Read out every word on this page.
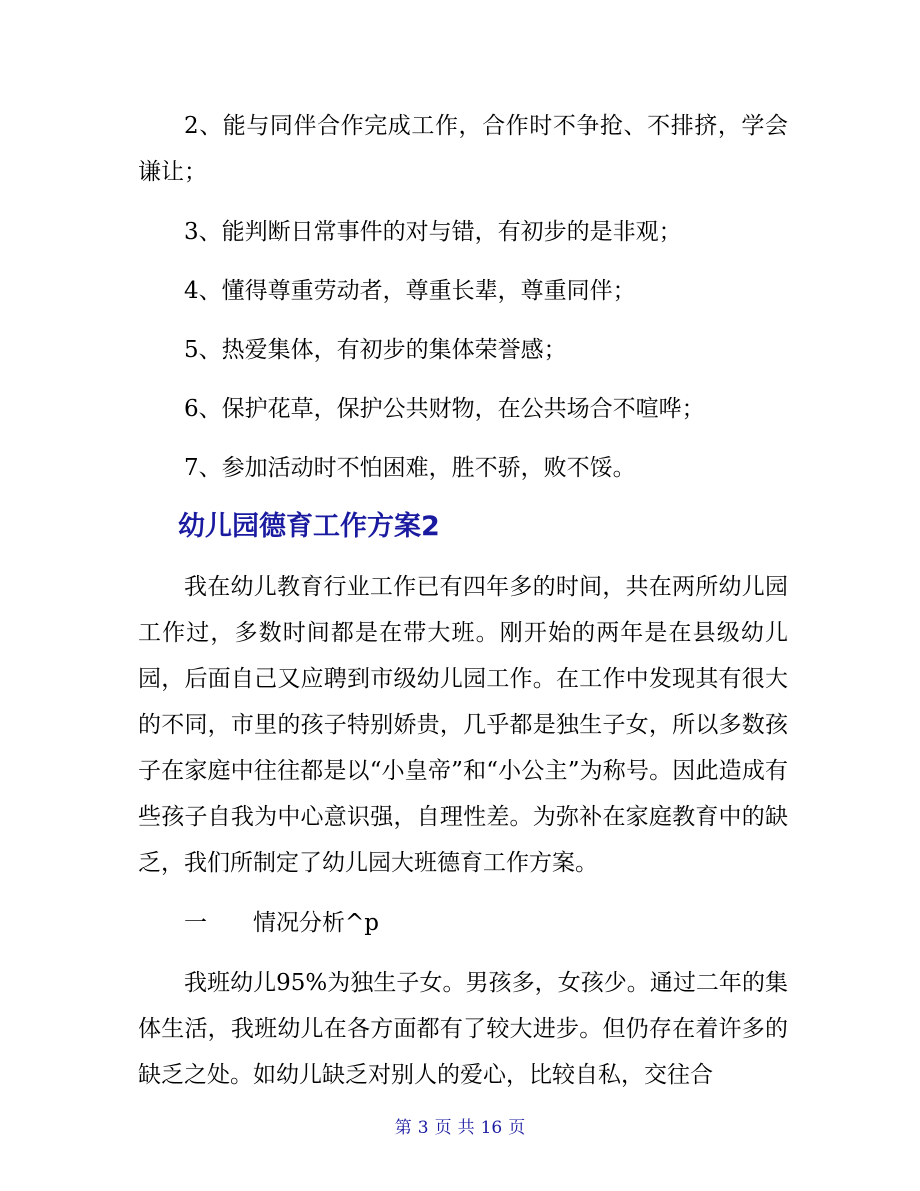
2、能与同伴合作完成工作，合作时不争抢、不排挤，学会谦让；

3、能判断日常事件的对与错，有初步的是非观；

4、懂得尊重劳动者，尊重长辈，尊重同伴；

5、热爱集体，有初步的集体荣誉感；

6、保护花草，保护公共财物，在公共场合不喧哗；

7、参加活动时不怕困难，胜不骄，败不馁。

幼儿园德育工作方案2

我在幼儿教育行业工作已有四年多的时间，共在两所幼儿园工作过，多数时间都是在带大班。刚开始的两年是在县级幼儿园，后面自己又应聘到市级幼儿园工作。在工作中发现其有很大的不同，市里的孩子特别娇贵，几乎都是独生子女，所以多数孩子在家庭中往往都是以“小皇帝”和“小公主”为称号。因此造成有些孩子自我为中心意识强，自理性差。为弥补在家庭教育中的缺乏，我们所制定了幼儿园大班德育工作方案。

一 情况分析^p

我班幼儿95%为独生子女。男孩多，女孩少。通过二年的集体生活，我班幼儿在各方面都有了较大进步。但仍存在着许多的缺乏之处。如幼儿缺乏对别人的爱心，比较自私，交往合

第 3 页 共 16 页
